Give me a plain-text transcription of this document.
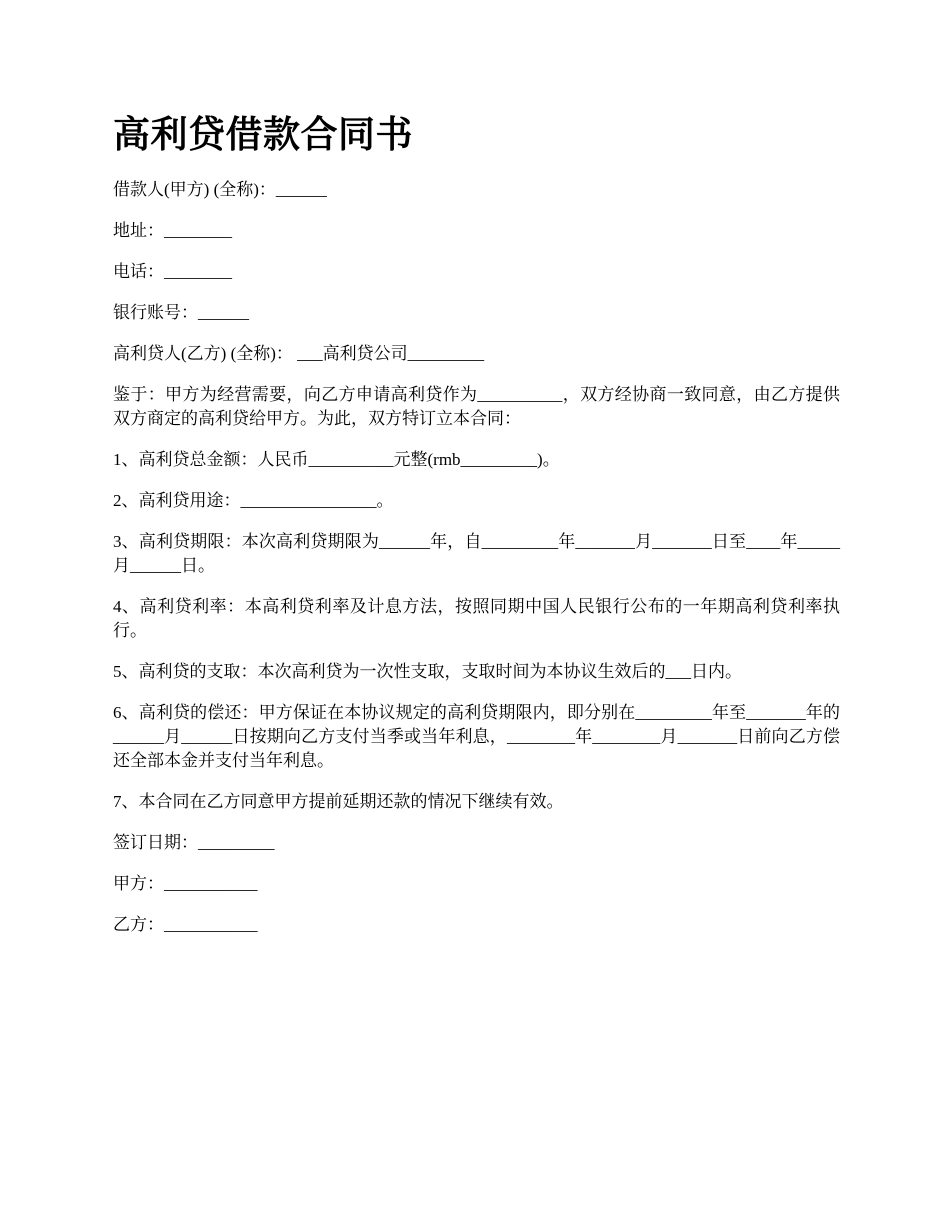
高利贷借款合同书

借款人(甲方) (全称)：______

地址：________

电话：________

银行账号：______

高利贷人(乙方) (全称)： ___高利贷公司_________

鉴于：甲方为经营需要，向乙方申请高利贷作为__________，双方经协商一致同意，由乙方提供双方商定的高利贷给甲方。为此，双方特订立本合同：

1、高利贷总金额：人民币__________元整(rmb_________)。

2、高利贷用途：________________。

3、高利贷期限：本次高利贷期限为______年，自_________年_______月_______日至____年_____月______日。

4、高利贷利率：本高利贷利率及计息方法，按照同期中国人民银行公布的一年期高利贷利率执行。

5、高利贷的支取：本次高利贷为一次性支取，支取时间为本协议生效后的___日内。

6、高利贷的偿还：甲方保证在本协议规定的高利贷期限内，即分别在_________年至_______年的______月______日按期向乙方支付当季或当年利息，________年________月_______日前向乙方偿还全部本金并支付当年利息。

7、本合同在乙方同意甲方提前延期还款的情况下继续有效。

签订日期：_________

甲方：___________

乙方：___________
